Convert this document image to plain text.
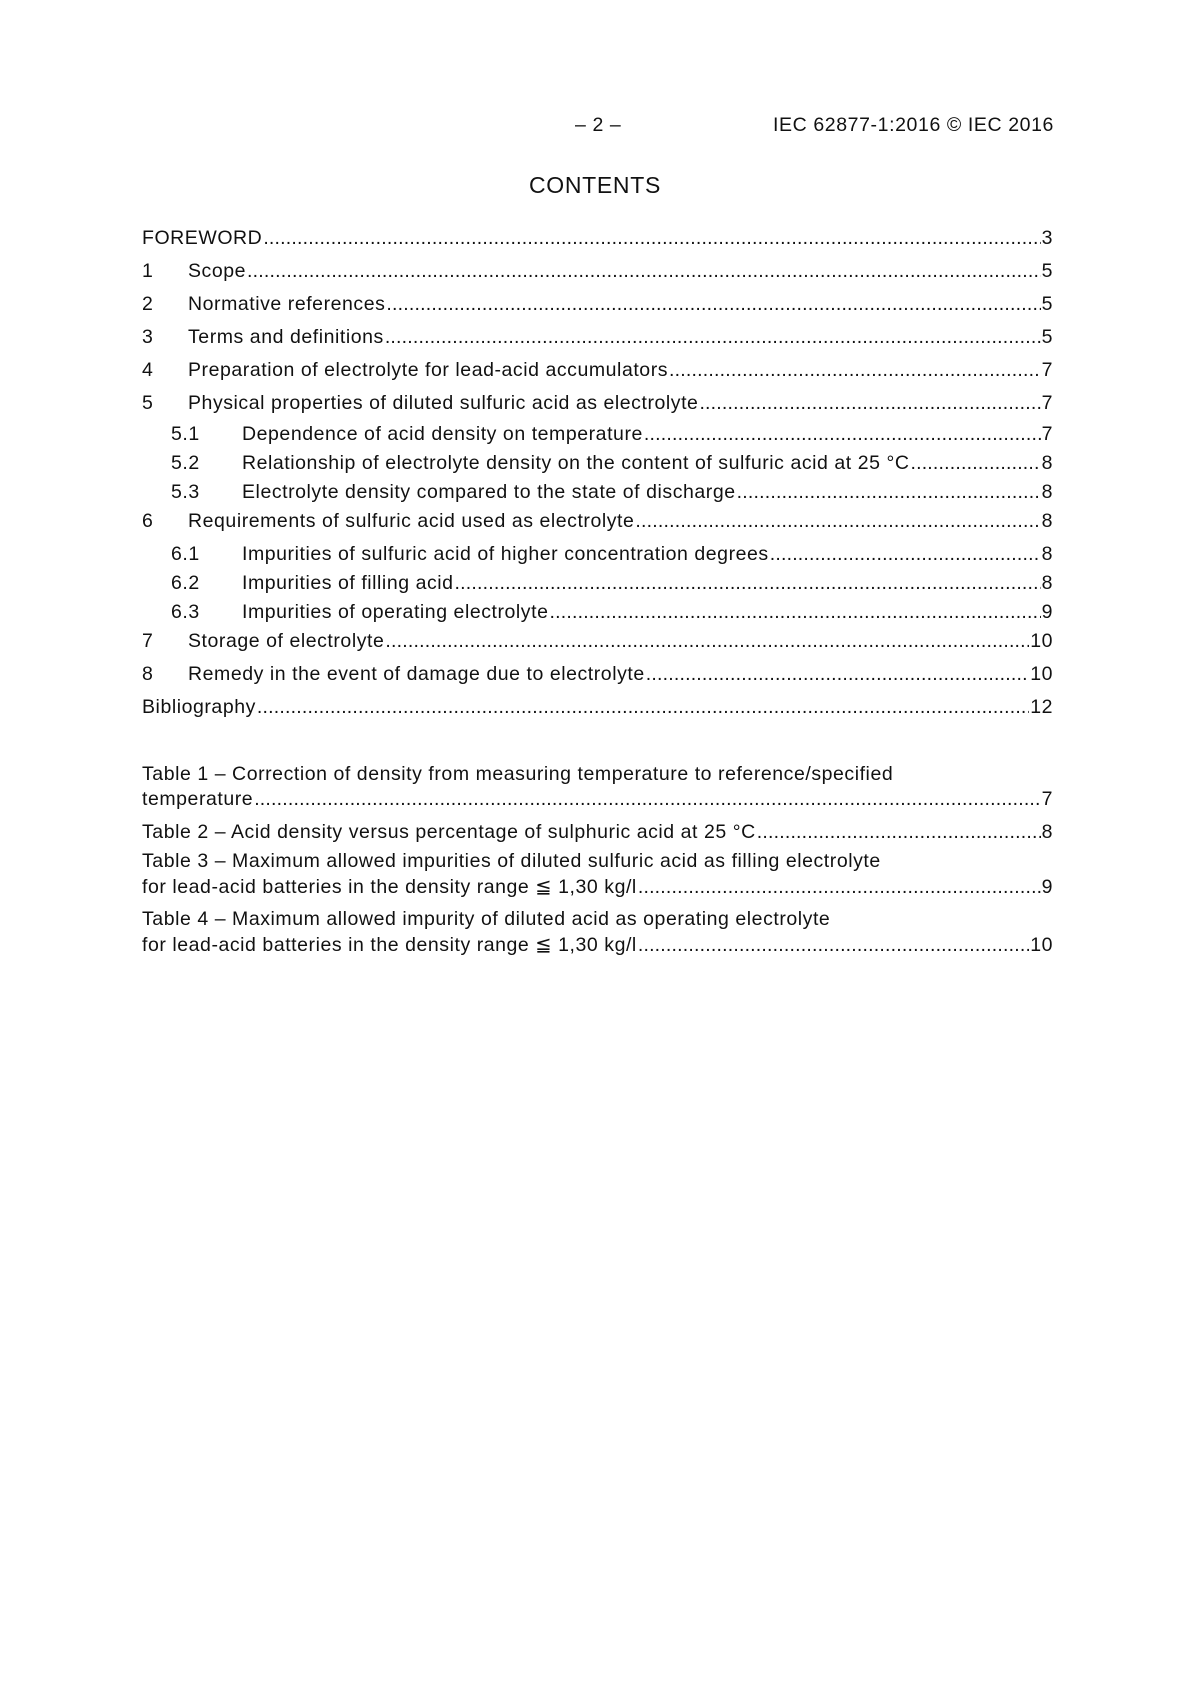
– 2 –	IEC 62877-1:2016 © IEC 2016
CONTENTS
FOREWORD .....	3
1	Scope .....	5
2	Normative references .....	5
3	Terms and definitions .....	5
4	Preparation of electrolyte for lead-acid accumulators .....	7
5	Physical properties of diluted sulfuric acid as electrolyte .....	7
5.1	Dependence of acid density on temperature .....	7
5.2	Relationship of electrolyte density on the content of sulfuric acid at 25 °C .....	8
5.3	Electrolyte density compared to the state of discharge .....	8
6	Requirements of sulfuric acid used as electrolyte .....	8
6.1	Impurities of sulfuric acid of higher concentration degrees .....	8
6.2	Impurities of filling acid .....	8
6.3	Impurities of operating electrolyte .....	9
7	Storage of electrolyte .....	10
8	Remedy in the event of damage due to electrolyte .....	10
Bibliography .....	12
Table 1 – Correction of density from measuring temperature to reference/specified
temperature .....	7
Table 2 – Acid density versus percentage of sulphuric acid at 25 °C .....	8
Table 3 – Maximum allowed impurities of diluted sulfuric acid as filling electrolyte
for lead-acid batteries in the density range ≦ 1,30 kg/l .....	9
Table 4 – Maximum allowed impurity of diluted acid as operating electrolyte
for lead-acid batteries in the density range ≦ 1,30 kg/l .....	10
